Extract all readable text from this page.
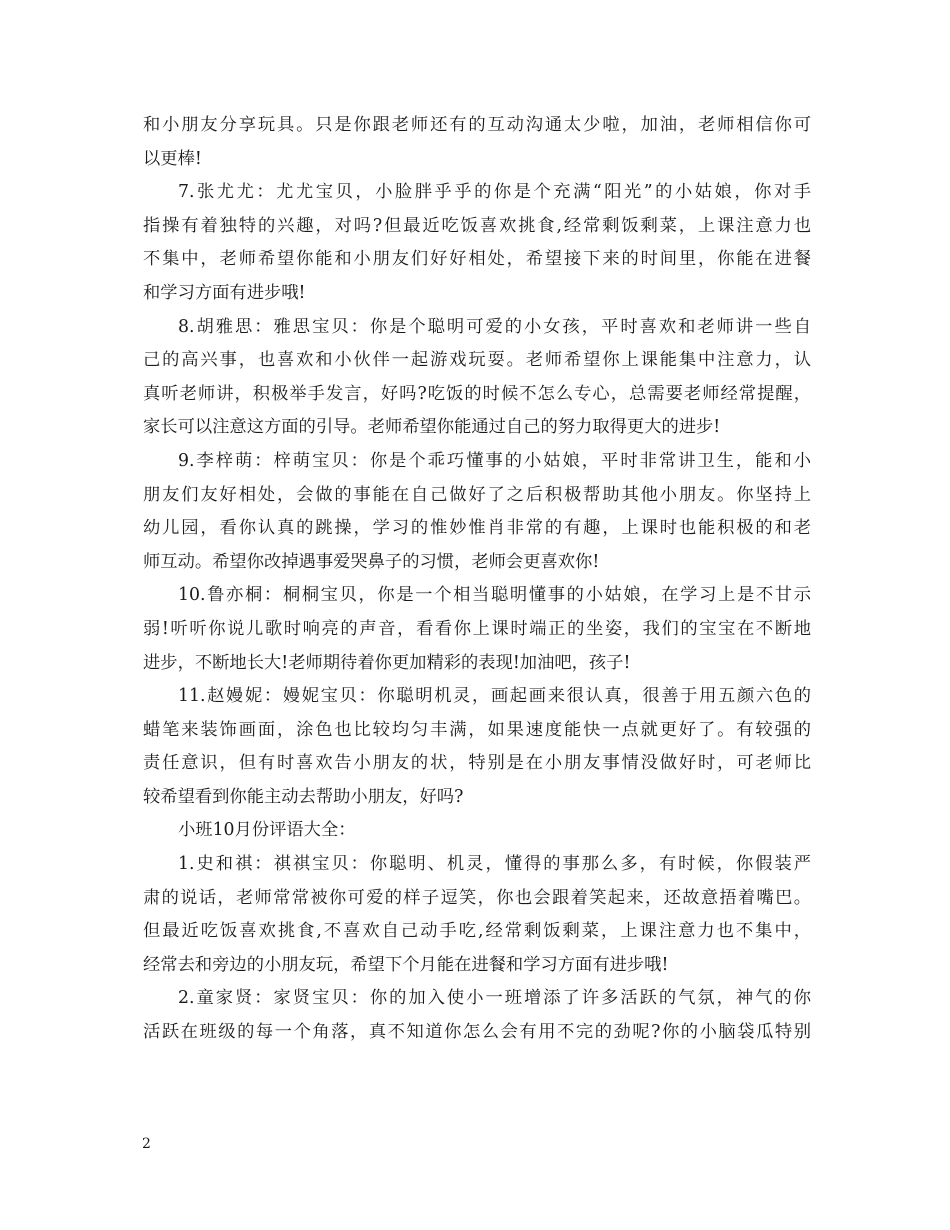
和小朋友分享玩具。只是你跟老师还有的互动沟通太少啦，加油，老师相信你可
以更棒!
7.张尤尤：尤尤宝贝，小脸胖乎乎的你是个充满“阳光”的小姑娘，你对手
指操有着独特的兴趣，对吗?但最近吃饭喜欢挑食,经常剩饭剩菜，上课注意力也
不集中，老师希望你能和小朋友们好好相处，希望接下来的时间里，你能在进餐
和学习方面有进步哦!
8.胡雅思：雅思宝贝：你是个聪明可爱的小女孩，平时喜欢和老师讲一些自
己的高兴事，也喜欢和小伙伴一起游戏玩耍。老师希望你上课能集中注意力，认
真听老师讲，积极举手发言，好吗?吃饭的时候不怎么专心，总需要老师经常提醒，
家长可以注意这方面的引导。老师希望你能通过自己的努力取得更大的进步!
9.李梓萌：梓萌宝贝：你是个乖巧懂事的小姑娘，平时非常讲卫生，能和小
朋友们友好相处，会做的事能在自己做好了之后积极帮助其他小朋友。你坚持上
幼儿园，看你认真的跳操，学习的惟妙惟肖非常的有趣，上课时也能积极的和老
师互动。希望你改掉遇事爱哭鼻子的习惯，老师会更喜欢你!
10.鲁亦桐：桐桐宝贝，你是一个相当聪明懂事的小姑娘，在学习上是不甘示
弱!听听你说儿歌时响亮的声音，看看你上课时端正的坐姿，我们的宝宝在不断地
进步，不断地长大!老师期待着你更加精彩的表现!加油吧，孩子!
11.赵嫚妮：嫚妮宝贝：你聪明机灵，画起画来很认真，很善于用五颜六色的
蜡笔来装饰画面，涂色也比较均匀丰满，如果速度能快一点就更好了。有较强的
责任意识，但有时喜欢告小朋友的状，特别是在小朋友事情没做好时，可老师比
较希望看到你能主动去帮助小朋友，好吗?
小班10月份评语大全：
1.史和祺：祺祺宝贝：你聪明、机灵，懂得的事那么多，有时候，你假装严
肃的说话，老师常常被你可爱的样子逗笑，你也会跟着笑起来，还故意捂着嘴巴。
但最近吃饭喜欢挑食,不喜欢自己动手吃,经常剩饭剩菜，上课注意力也不集中，
经常去和旁边的小朋友玩，希望下个月能在进餐和学习方面有进步哦!
2.童家贤：家贤宝贝：你的加入使小一班增添了许多活跃的气氛，神气的你
活跃在班级的每一个角落，真不知道你怎么会有用不完的劲呢?你的小脑袋瓜特别
2
